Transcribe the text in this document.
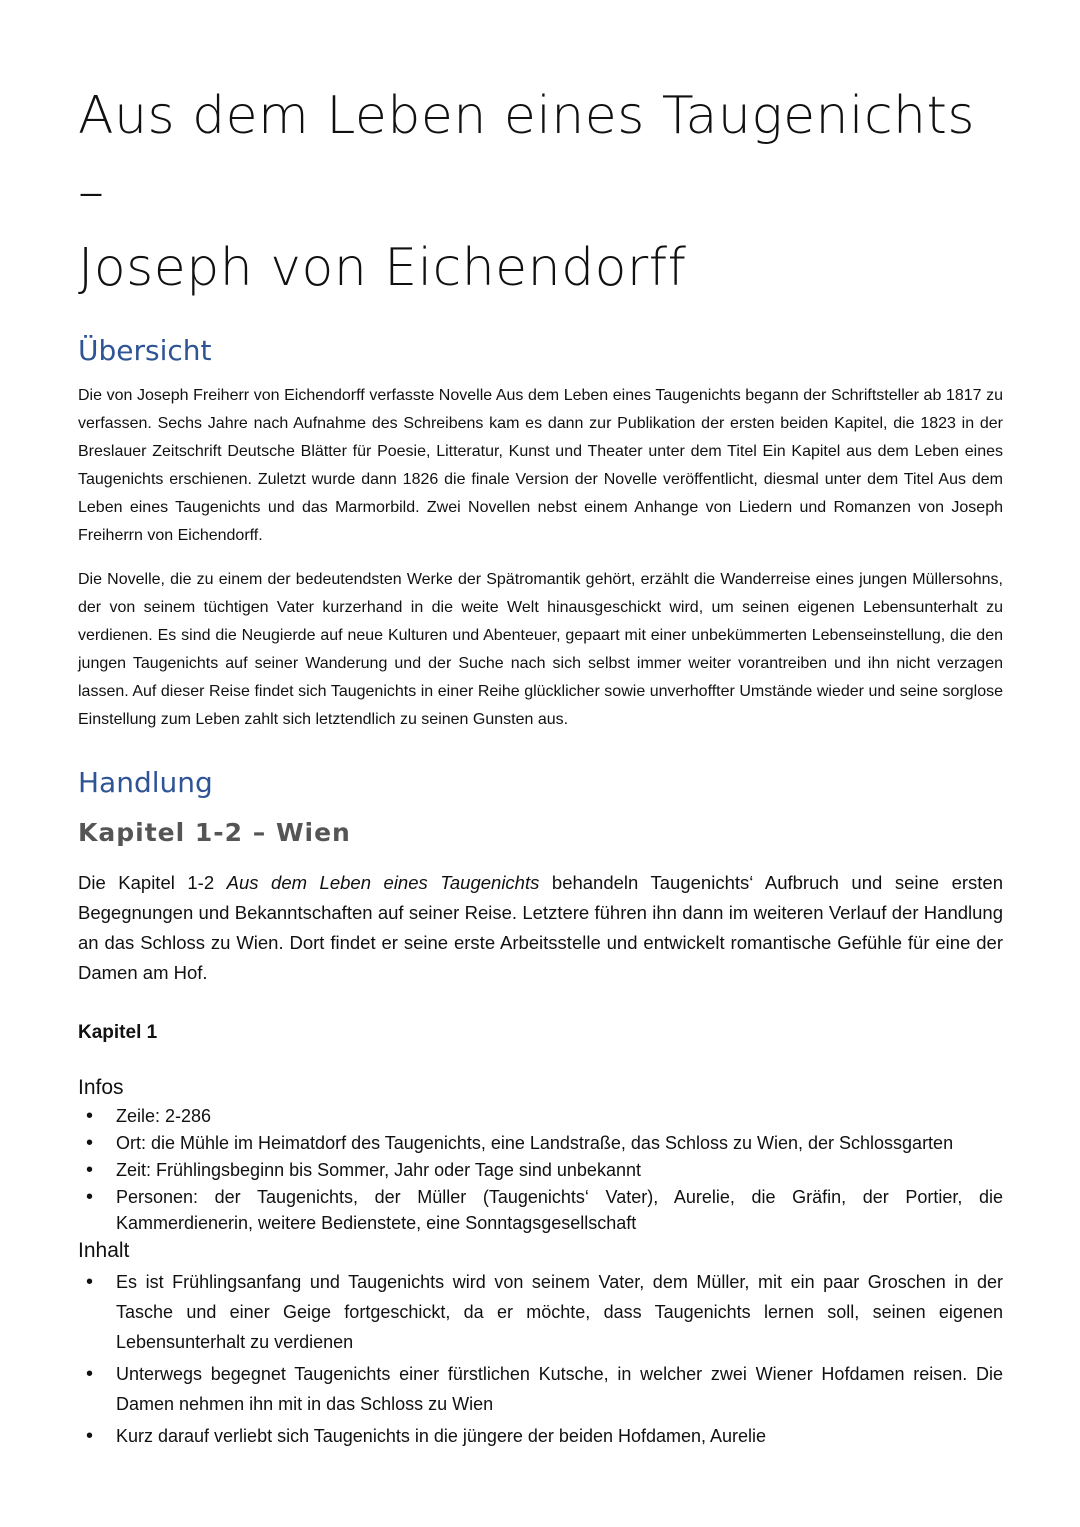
Aus dem Leben eines Taugenichts –
Joseph von Eichendorff
Übersicht

Die von Joseph Freiherr von Eichendorff verfasste Novelle Aus dem Leben eines Taugenichts begann der Schriftsteller ab 1817 zu verfassen. Sechs Jahre nach Aufnahme des Schreibens kam es dann zur Publikation der ersten beiden Kapitel, die 1823 in der Breslauer Zeitschrift Deutsche Blätter für Poesie, Litteratur, Kunst und Theater unter dem Titel Ein Kapitel aus dem Leben eines Taugenichts erschienen. Zuletzt wurde dann 1826 die finale Version der Novelle veröffentlicht, diesmal unter dem Titel Aus dem Leben eines Taugenichts und das Marmorbild. Zwei Novellen nebst einem Anhange von Liedern und Romanzen von Joseph Freiherrn von Eichendorff.

Die Novelle, die zu einem der bedeutendsten Werke der Spätromantik gehört, erzählt die Wanderreise eines jungen Müllersohns, der von seinem tüchtigen Vater kurzerhand in die weite Welt hinausgeschickt wird, um seinen eigenen Lebensunterhalt zu verdienen. Es sind die Neugierde auf neue Kulturen und Abenteuer, gepaart mit einer unbekümmerten Lebenseinstellung, die den jungen Taugenichts auf seiner Wanderung und der Suche nach sich selbst immer weiter vorantreiben und ihn nicht verzagen lassen. Auf dieser Reise findet sich Taugenichts in einer Reihe glücklicher sowie unverhoffter Umstände wieder und seine sorglose Einstellung zum Leben zahlt sich letztendlich zu seinen Gunsten aus.

Handlung
Kapitel 1-2 – Wien

Die Kapitel 1-2 Aus dem Leben eines Taugenichts behandeln Taugenichts‘ Aufbruch und seine ersten Begegnungen und Bekanntschaften auf seiner Reise. Letztere führen ihn dann im weiteren Verlauf der Handlung an das Schloss zu Wien. Dort findet er seine erste Arbeitsstelle und entwickelt romantische Gefühle für eine der Damen am Hof.

Kapitel 1
Infos
• Zeile: 2-286
• Ort: die Mühle im Heimatdorf des Taugenichts, eine Landstraße, das Schloss zu Wien, der Schlossgarten
• Zeit: Frühlingsbeginn bis Sommer, Jahr oder Tage sind unbekannt
• Personen: der Taugenichts, der Müller (Taugenichts‘ Vater), Aurelie, die Gräfin, der Portier, die Kammerdienerin, weitere Bedienstete, eine Sonntagsgesellschaft
Inhalt
• Es ist Frühlingsanfang und Taugenichts wird von seinem Vater, dem Müller, mit ein paar Groschen in der Tasche und einer Geige fortgeschickt, da er möchte, dass Taugenichts lernen soll, seinen eigenen Lebensunterhalt zu verdienen
• Unterwegs begegnet Taugenichts einer fürstlichen Kutsche, in welcher zwei Wiener Hofdamen reisen. Die Damen nehmen ihn mit in das Schloss zu Wien
• Kurz darauf verliebt sich Taugenichts in die jüngere der beiden Hofdamen, Aurelie
